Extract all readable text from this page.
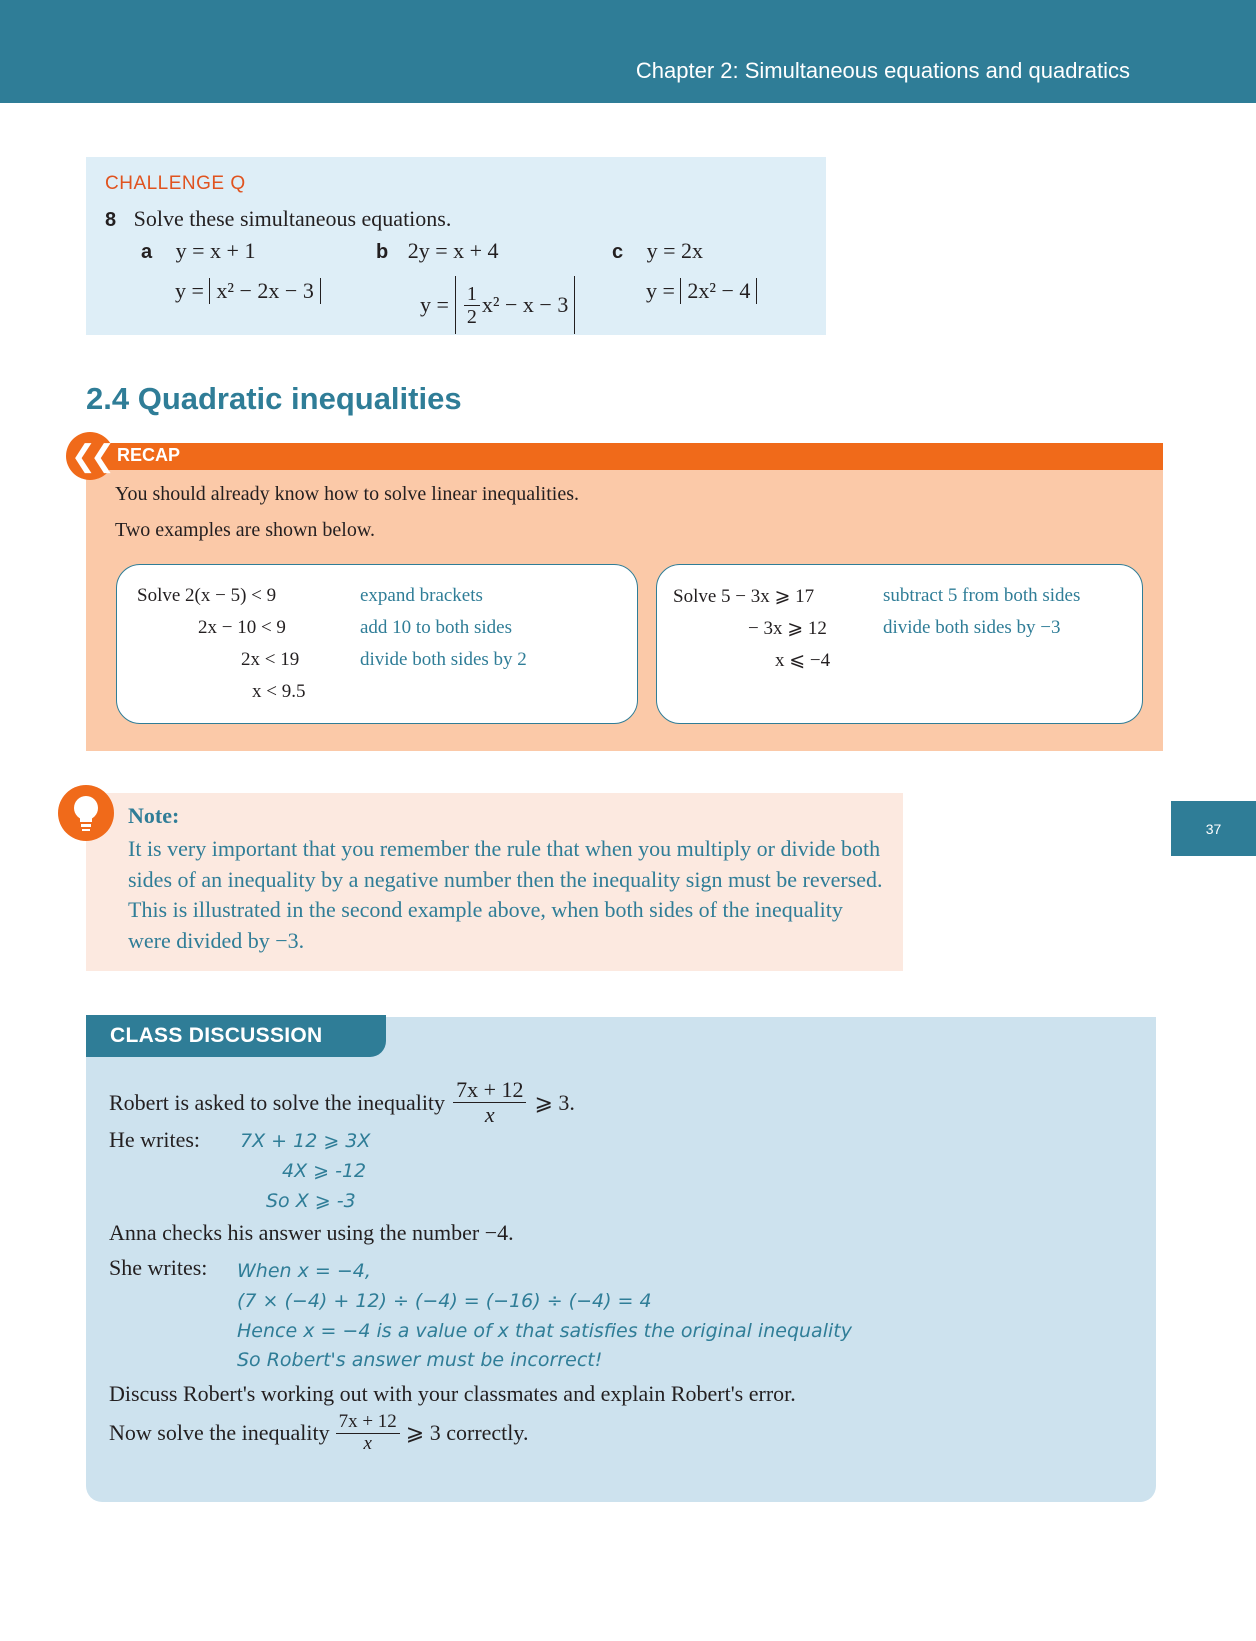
Chapter 2: Simultaneous equations and quadratics
CHALLENGE Q
8 Solve these simultaneous equations.
a y = x + 1
y = x² − 2x − 3
b 2y = x + 4
$y = \frac{1}{2} x^2 - x - 3$
c y = 2x
y = 2x² − 4
2.4 Quadratic inequalities
❮❮ RECAP
You should already know how to solve linear inequalities.
Two examples are shown below.
Solve 2(x − 5) < 9
2x − 10 < 9
2x < 19
x < 9.5
expand brackets
add 10 to both sides
divide both sides by 2
Solve 5 − 3x ⩾ 17
− 3x ⩾ 12
x ⩽ −4
subtract 5 from both sides
divide both sides by −3
Note:
It is very important that you remember the rule that when you multiply or divide both sides of an inequality by a negative number then the inequality sign must be reversed. This is illustrated in the second example above, when both sides of the inequality were divided by −3.
37
CLASS DISCUSSION
Robert is asked to solve the inequality $\frac{7x + 12}{x}$ ⩾ 3.
He writes: 7X + 12 ⩾ 3X
4X ⩾ -12
So X ⩾ -3
Anna checks his answer using the number −4.
She writes: When x = −4,
(7 × (−4) + 12) ÷ (−4) = (−16) ÷ (−4) = 4
Hence x = −4 is a value of x that satisfies the original inequality
So Robert's answer must be incorrect!
Discuss Robert's working out with your classmates and explain Robert's error.
Now solve the inequality $\frac{7x + 12}{x}$ ⩾ 3 correctly.
